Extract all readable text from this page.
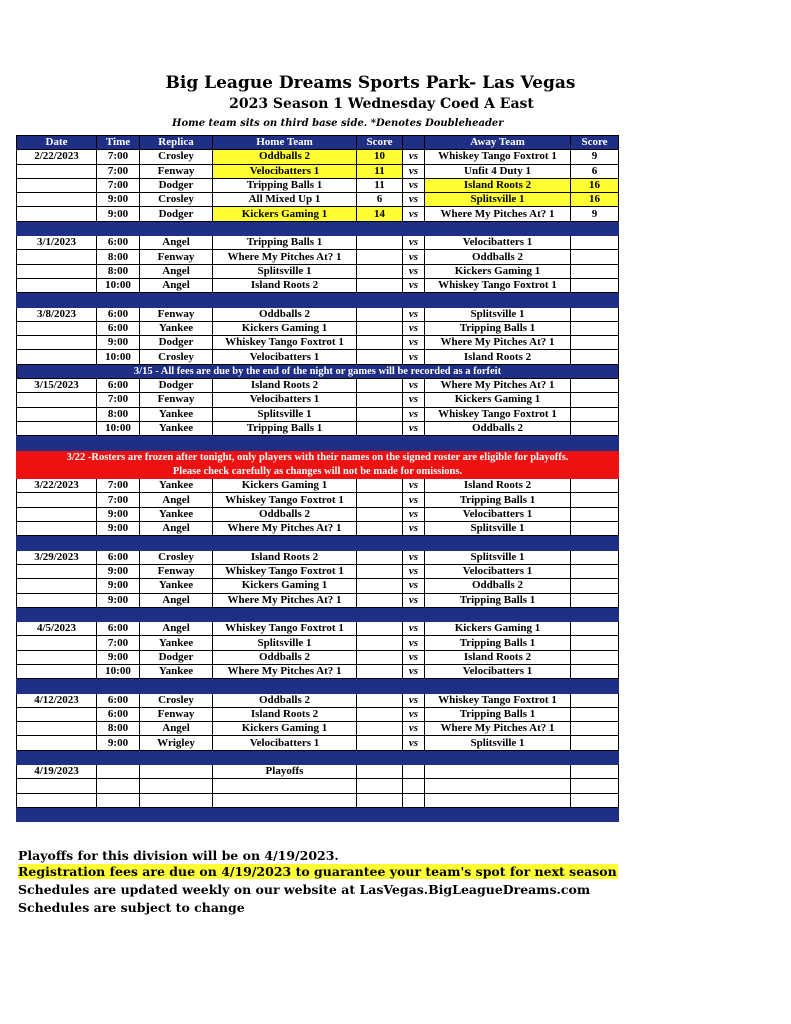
Big League Dreams Sports Park- Las Vegas
2023 Season 1 Wednesday Coed A East
Home team sits on third base side. *Denotes Doubleheader
Date	Time	Replica	Home Team	Score		Away Team	Score
2/22/2023	7:00	Crosley	Oddballs 2	10	vs	Whiskey Tango Foxtrot 1	9
	7:00	Fenway	Velocibatters 1	11	vs	Unfit 4 Duty 1	6
	7:00	Dodger	Tripping Balls 1	11	vs	Island Roots 2	16
	9:00	Crosley	All Mixed Up 1	6	vs	Splitsville 1	16
	9:00	Dodger	Kickers Gaming 1	14	vs	Where My Pitches At? 1	9

3/1/2023	6:00	Angel	Tripping Balls 1		vs	Velocibatters 1	
	8:00	Fenway	Where My Pitches At? 1		vs	Oddballs 2	
	8:00	Angel	Splitsville 1		vs	Kickers Gaming 1	
	10:00	Angel	Island Roots 2		vs	Whiskey Tango Foxtrot 1	

3/8/2023	6:00	Fenway	Oddballs 2		vs	Splitsville 1	
	6:00	Yankee	Kickers Gaming 1		vs	Tripping Balls 1	
	9:00	Dodger	Whiskey Tango Foxtrot 1		vs	Where My Pitches At? 1	
	10:00	Crosley	Velocibatters 1		vs	Island Roots 2	
3/15 - All fees are due by the end of the night or games will be recorded as a forfeit							
3/15/2023	6:00	Dodger	Island Roots 2		vs	Where My Pitches At? 1	
	7:00	Fenway	Velocibatters 1		vs	Kickers Gaming 1	
	8:00	Yankee	Splitsville 1		vs	Whiskey Tango Foxtrot 1	
	10:00	Yankee	Tripping Balls 1		vs	Oddballs 2	

3/22 -Rosters are frozen after tonight, only players with their names on the signed roster are eligible for playoffs.							
Please check carefully as changes will not be made for omissions.							
3/22/2023	7:00	Yankee	Kickers Gaming 1		vs	Island Roots 2	
	7:00	Angel	Whiskey Tango Foxtrot 1		vs	Tripping Balls 1	
	9:00	Yankee	Oddballs 2		vs	Velocibatters 1	
	9:00	Angel	Where My Pitches At? 1		vs	Splitsville 1	

3/29/2023	6:00	Crosley	Island Roots 2		vs	Splitsville 1	
	9:00	Fenway	Whiskey Tango Foxtrot 1		vs	Velocibatters 1	
	9:00	Yankee	Kickers Gaming 1		vs	Oddballs 2	
	9:00	Angel	Where My Pitches At? 1		vs	Tripping Balls 1	

4/5/2023	6:00	Angel	Whiskey Tango Foxtrot 1		vs	Kickers Gaming 1	
	7:00	Yankee	Splitsville 1		vs	Tripping Balls 1	
	9:00	Dodger	Oddballs 2		vs	Island Roots 2	
	10:00	Yankee	Where My Pitches At? 1		vs	Velocibatters 1	

4/12/2023	6:00	Crosley	Oddballs 2		vs	Whiskey Tango Foxtrot 1	
	6:00	Fenway	Island Roots 2		vs	Tripping Balls 1	
	8:00	Angel	Kickers Gaming 1		vs	Where My Pitches At? 1	
	9:00	Wrigley	Velocibatters 1		vs	Splitsville 1	

4/19/2023			Playoffs				

Playoffs for this division will be on 4/19/2023.
Registration fees are due on 4/19/2023 to guarantee your team's spot for next season
Schedules are updated weekly on our website at LasVegas.BigLeagueDreams.com
Schedules are subject to change
